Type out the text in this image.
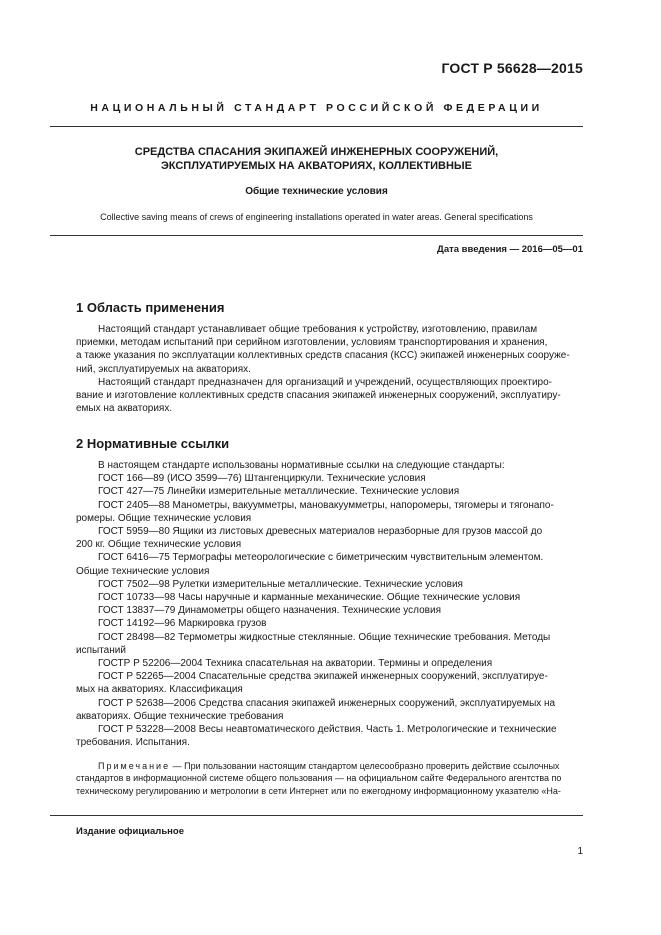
ГОСТ Р 56628—2015
НАЦИОНАЛЬНЫЙ СТАНДАРТ РОССИЙСКОЙ ФЕДЕРАЦИИ
СРЕДСТВА СПАСАНИЯ ЭКИПАЖЕЙ ИНЖЕНЕРНЫХ СООРУЖЕНИЙ,
ЭКСПЛУАТИРУЕМЫХ НА АКВАТОРИЯХ, КОЛЛЕКТИВНЫЕ
Общие технические условия
Collective saving means of crews of engineering installations operated in water areas. General specifications
Дата введения — 2016—05—01
1 Область применения
Настоящий стандарт устанавливает общие требования к устройству, изготовлению, правилам
приемки, методам испытаний при серийном изготовлении, условиям транспортирования и хранения,
а также указания по эксплуатации коллективных средств спасания (КСС) экипажей инженерных сооруже-
ний, эксплуатируемых на акваториях.
Настоящий стандарт предназначен для организаций и учреждений, осуществляющих проектиро-
вание и изготовление коллективных средств спасания экипажей инженерных сооружений, эксплуатиру-
емых на акваториях.
2 Нормативные ссылки
В настоящем стандарте использованы нормативные ссылки на следующие стандарты:
ГОСТ 166—89 (ИСО 3599—76) Штангенциркули. Технические условия
ГОСТ 427—75 Линейки измерительные металлические. Технические условия
ГОСТ 2405—88 Манометры, вакуумметры, мановакуумметры, напоромеры, тягомеры и тягонапо-
ромеры. Общие технические условия
ГОСТ 5959—80 Ящики из листовых древесных материалов неразборные для грузов массой до
200 кг. Общие технические условия
ГОСТ 6416—75 Термографы метеорологические с биметрическим чувствительным элементом.
Общие технические условия
ГОСТ 7502—98 Рулетки измерительные металлические. Технические условия
ГОСТ 10733—98 Часы наручные и карманные механические. Общие технические условия
ГОСТ 13837—79 Динамометры общего назначения. Технические условия
ГОСТ 14192—96 Маркировка грузов
ГОСТ 28498—82 Термометры жидкостные стеклянные. Общие технические требования. Методы
испытаний
ГОСТР Р 52206—2004 Техника спасательная на акватории. Термины и определения
ГОСТ Р 52265—2004 Спасательные средства экипажей инженерных сооружений, эксплуатируе-
мых на акваториях. Классификация
ГОСТ Р 52638—2006 Средства спасания экипажей инженерных сооружений, эксплуатируемых на
акваториях. Общие технические требования
ГОСТ Р 53228—2008 Весы неавтоматического действия. Часть 1. Метрологические и технические
требования. Испытания.
Примечание — При пользовании настоящим стандартом целесообразно проверить действие ссылочных
стандартов в информационной системе общего пользования — на официальном сайте Федерального агентства по
техническому регулированию и метрологии в сети Интернет или по ежегодному информационному указателю «На-
Издание официальное
1
